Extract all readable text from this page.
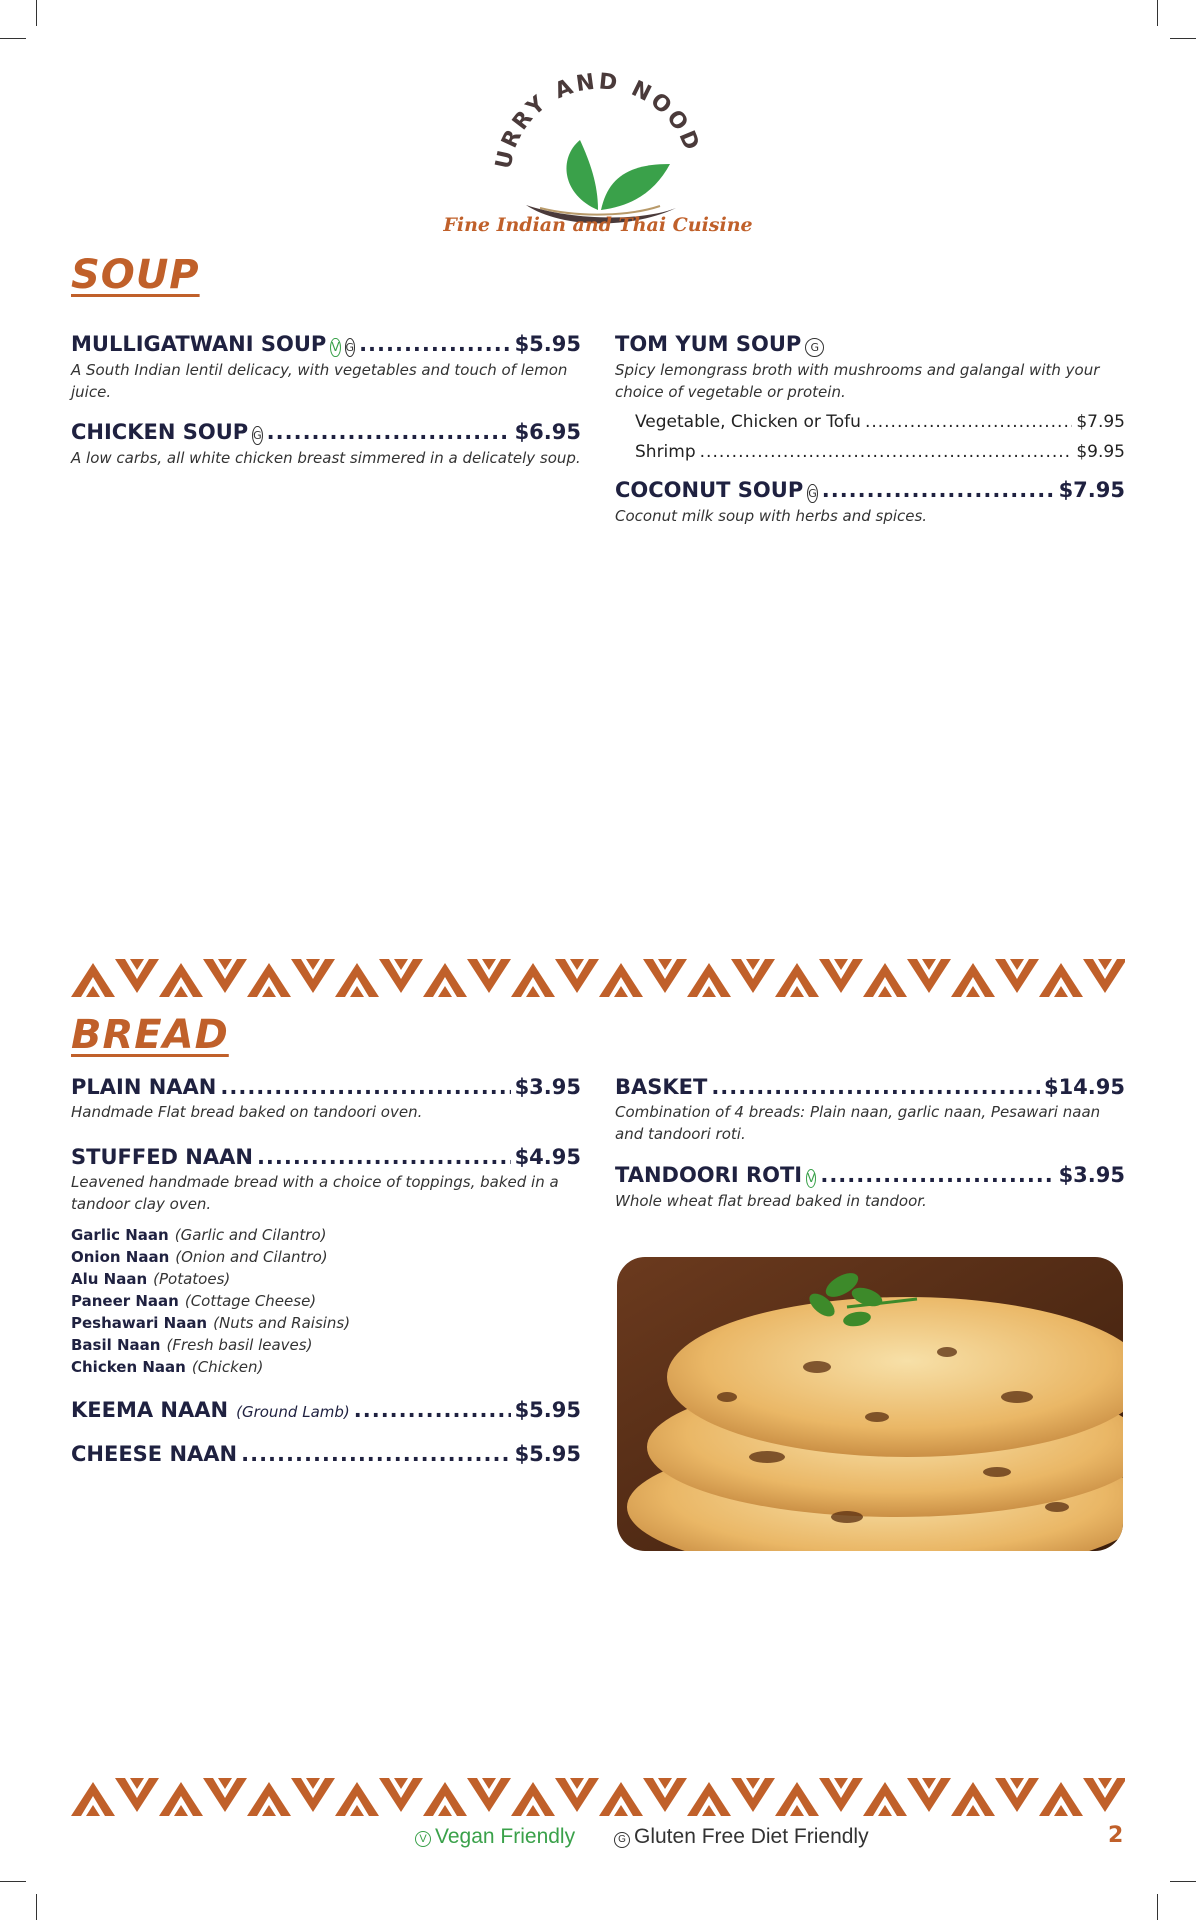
URRY AND NOOD
Fine Indian and Thai Cuisine
SOUP
MULLIGATWANI SOUP V G .....	$5.95
A South Indian lentil delicacy, with vegetables and touch of lemon juice.
CHICKEN SOUP G .....	$6.95
A low carbs, all white chicken breast simmered in a delicately soup.
TOM YUM SOUP G
Spicy lemongrass broth with mushrooms and galangal with your choice of vegetable or protein.
Vegetable, Chicken or Tofu .....	$7.95
Shrimp .....	$9.95
COCONUT SOUP G .....	$7.95
Coconut milk soup with herbs and spices.
BREAD
PLAIN NAAN .....	$3.95
Handmade Flat bread baked on tandoori oven.
STUFFED NAAN .....	$4.95
Leavened handmade bread with a choice of toppings, baked in a tandoor clay oven.
Garlic Naan (Garlic and Cilantro)
Onion Naan (Onion and Cilantro)
Alu Naan (Potatoes)
Paneer Naan (Cottage Cheese)
Peshawari Naan (Nuts and Raisins)
Basil Naan (Fresh basil leaves)
Chicken Naan (Chicken)
KEEMA NAAN (Ground Lamb) .....	$5.95
CHEESE NAAN .....	$5.95
BASKET .....	$14.95
Combination of 4 breads: Plain naan, garlic naan, Pesawari naan and tandoori roti.
TANDOORI ROTI V .....	$3.95
Whole wheat flat bread baked in tandoor.
V Vegan Friendly	G Gluten Free Diet Friendly	2
